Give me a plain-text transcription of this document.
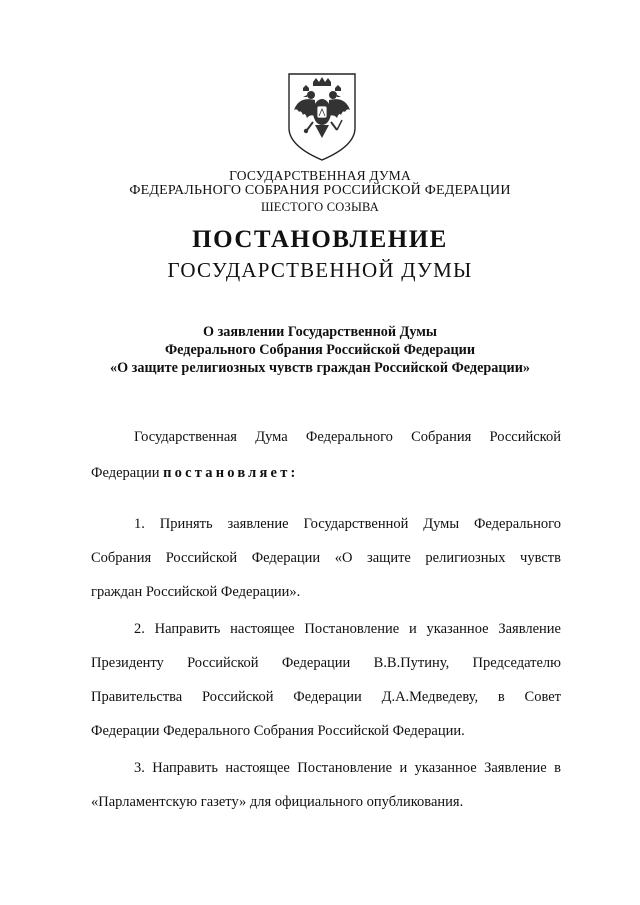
ГОСУДАРСТВЕННАЯ ДУМА
ФЕДЕРАЛЬНОГО СОБРАНИЯ РОССИЙСКОЙ ФЕДЕРАЦИИ
ШЕСТОГО СОЗЫВА
ПОСТАНОВЛЕНИЕ
ГОСУДАРСТВЕННОЙ ДУМЫ
О заявлении Государственной Думы
Федерального Собрания Российской Федерации
«О защите религиозных чувств граждан Российской Федерации»
Государственная Дума Федерального Собрания Российской
Федерации постановляет:
1. Принять заявление Государственной Думы Федерального
Собрания Российской Федерации «О защите религиозных чувств
граждан Российской Федерации».
2. Направить настоящее Постановление и указанное Заявление
Президенту Российской Федерации В.В.Путину, Председателю
Правительства Российской Федерации Д.А.Медведеву, в Совет
Федерации Федерального Собрания Российской Федерации.
3. Направить настоящее Постановление и указанное Заявление в
«Парламентскую газету» для официального опубликования.
